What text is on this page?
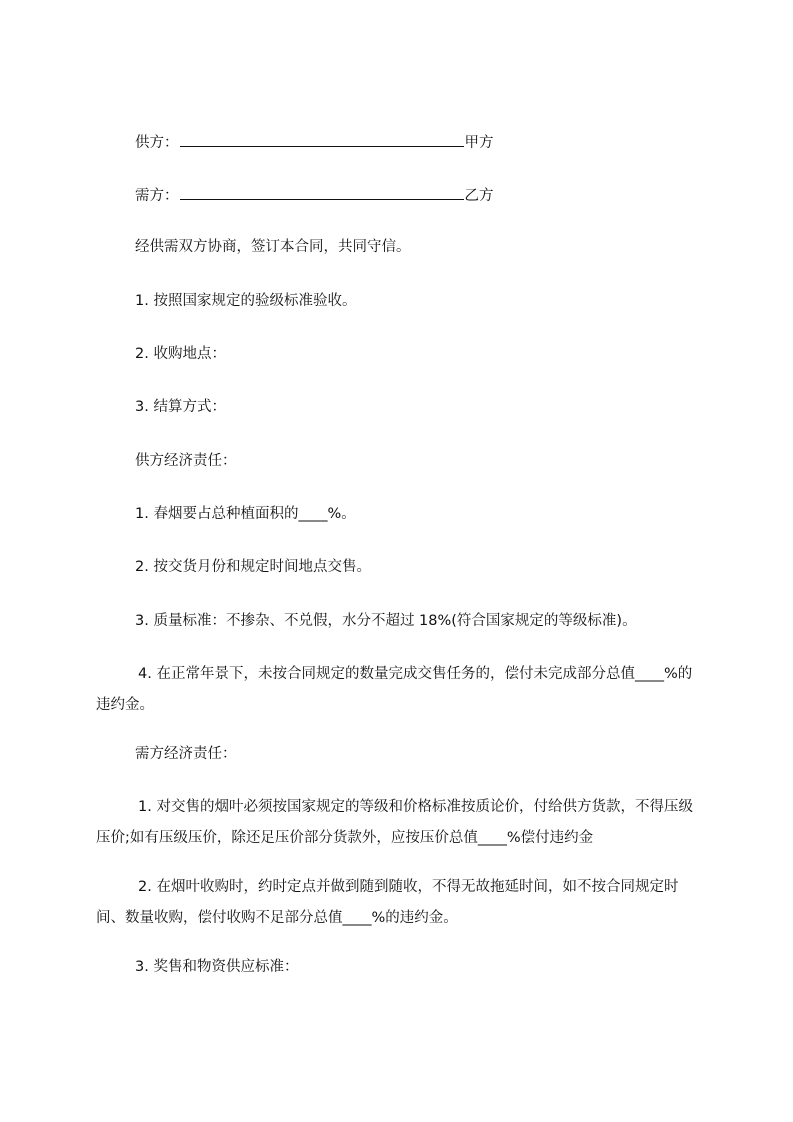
供方：	甲方
需方：	乙方
经供需双方协商，签订本合同，共同守信。
1. 按照国家规定的验级标准验收。
2. 收购地点：
3. 结算方式：
供方经济责任：
1. 春烟要占总种植面积的____%。
2. 按交货月份和规定时间地点交售。
3. 质量标准：不掺杂、不兑假，水分不超过 18%(符合国家规定的等级标准)。
4. 在正常年景下，未按合同规定的数量完成交售任务的，偿付未完成部分总值____%的违约金。
需方经济责任：
1. 对交售的烟叶必须按国家规定的等级和价格标准按质论价，付给供方货款，不得压级压价;如有压级压价，除还足压价部分货款外，应按压价总值____%偿付违约金
2. 在烟叶收购时，约时定点并做到随到随收，不得无故拖延时间，如不按合同规定时间、数量收购，偿付收购不足部分总值____%的违约金。
3. 奖售和物资供应标准：
